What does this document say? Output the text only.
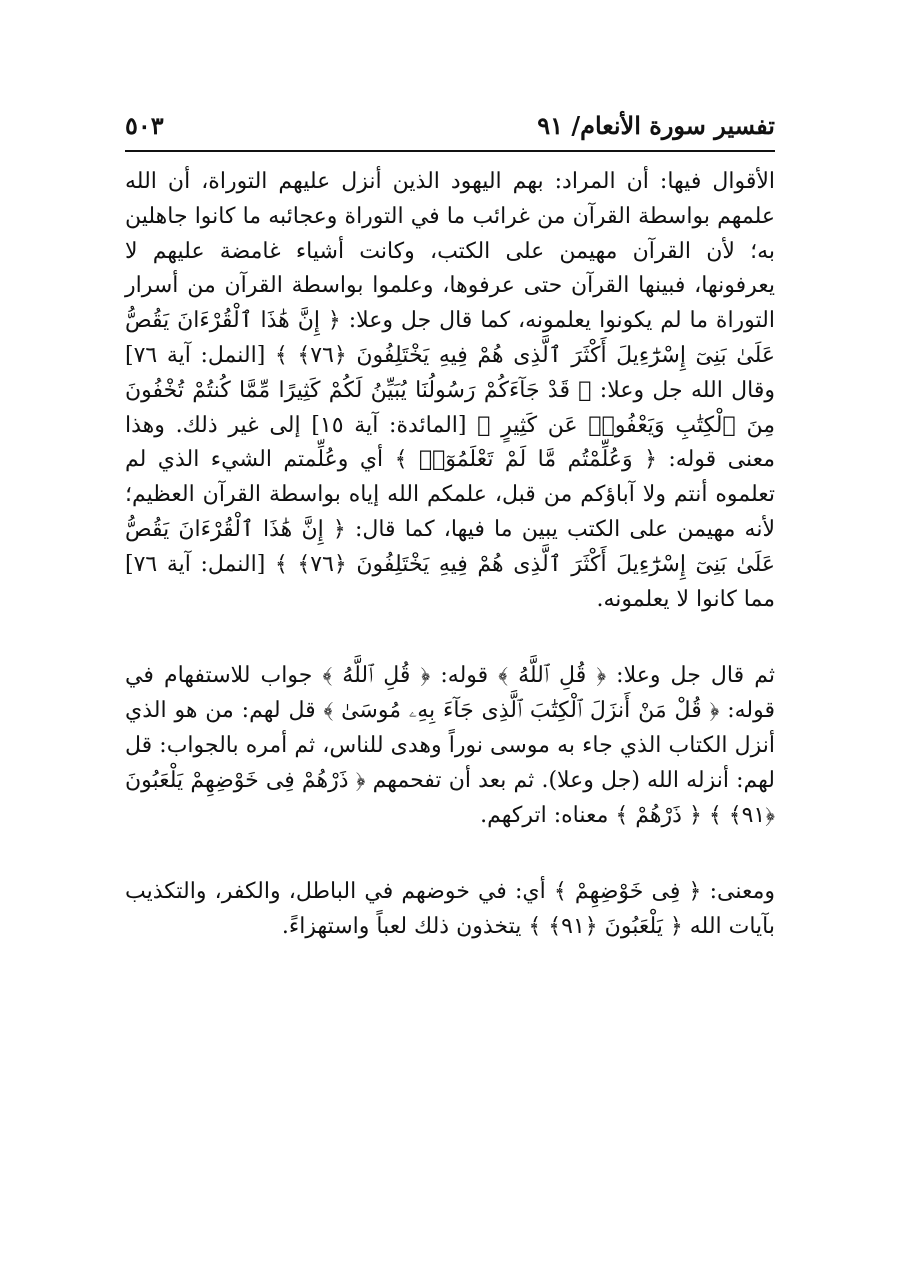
تفسير سورة الأنعام/ ٩١
٥٠٣

الأقوال فيها: أن المراد: بهم اليهود الذين أنزل عليهم التوراة، أن الله علمهم بواسطة القرآن من غرائب ما في التوراة وعجائبه ما كانوا جاهلين به؛ لأن القرآن مهيمن على الكتب، وكانت أشياء غامضة عليهم لا يعرفونها، فبينها القرآن حتى عرفوها، وعلموا بواسطة القرآن من أسرار التوراة ما لم يكونوا يعلمونه، كما قال جل وعلا: ﴿ إِنَّ هَٰذَا ٱلْقُرْءَانَ يَقُصُّ عَلَىٰ بَنِىٓ إِسْرَٰٓءِيلَ أَكْثَرَ ٱلَّذِى هُمْ فِيهِ يَخْتَلِفُونَ ﴿٧٦﴾ ﴾ [النمل: آية ٧٦] وقال الله جل وعلا: ﴿ قَدْ جَآءَكُمْ رَسُولُنَا يُبَيِّنُ لَكُمْ كَثِيرًا مِّمَّا كُنتُمْ تُخْفُونَ مِنَ ٱلْكِتَٰبِ وَيَعْفُوا۟ عَن كَثِيرٍ ﴾ [المائدة: آية ١٥] إلى غير ذلك. وهذا معنى قوله: ﴿ وَعُلِّمْتُم مَّا لَمْ تَعْلَمُوٓا۟ ﴾ أي وعُلِّمتم الشيء الذي لم تعلموه أنتم ولا آباؤكم من قبل، علمكم الله إياه بواسطة القرآن العظيم؛ لأنه مهيمن على الكتب يبين ما فيها، كما قال: ﴿ إِنَّ هَٰذَا ٱلْقُرْءَانَ يَقُصُّ عَلَىٰ بَنِىٓ إِسْرَٰٓءِيلَ أَكْثَرَ ٱلَّذِى هُمْ فِيهِ يَخْتَلِفُونَ ﴿٧٦﴾ ﴾ [النمل: آية ٧٦] مما كانوا لا يعلمونه.

ثم قال جل وعلا: ﴿ قُلِ ٱللَّهُ ﴾ قوله: ﴿ قُلِ ٱللَّهُ ﴾ جواب للاستفهام في قوله: ﴿ قُلْ مَنْ أَنزَلَ ٱلْكِتَٰبَ ٱلَّذِى جَآءَ بِهِۦ مُوسَىٰ ﴾ قل لهم: من هو الذي أنزل الكتاب الذي جاء به موسى نوراً وهدى للناس، ثم أمره بالجواب: قل لهم: أنزله الله (جل وعلا). ثم بعد أن تفحمهم ﴿ ذَرْهُمْ فِى خَوْضِهِمْ يَلْعَبُونَ ﴿٩١﴾ ﴾ ﴿ ذَرْهُمْ ﴾ معناه: اتركهم.

ومعنى: ﴿ فِى خَوْضِهِمْ ﴾ أي: في خوضهم في الباطل، والكفر، والتكذيب بآيات الله ﴿ يَلْعَبُونَ ﴿٩١﴾ ﴾ يتخذون ذلك لعباً واستهزاءً.
